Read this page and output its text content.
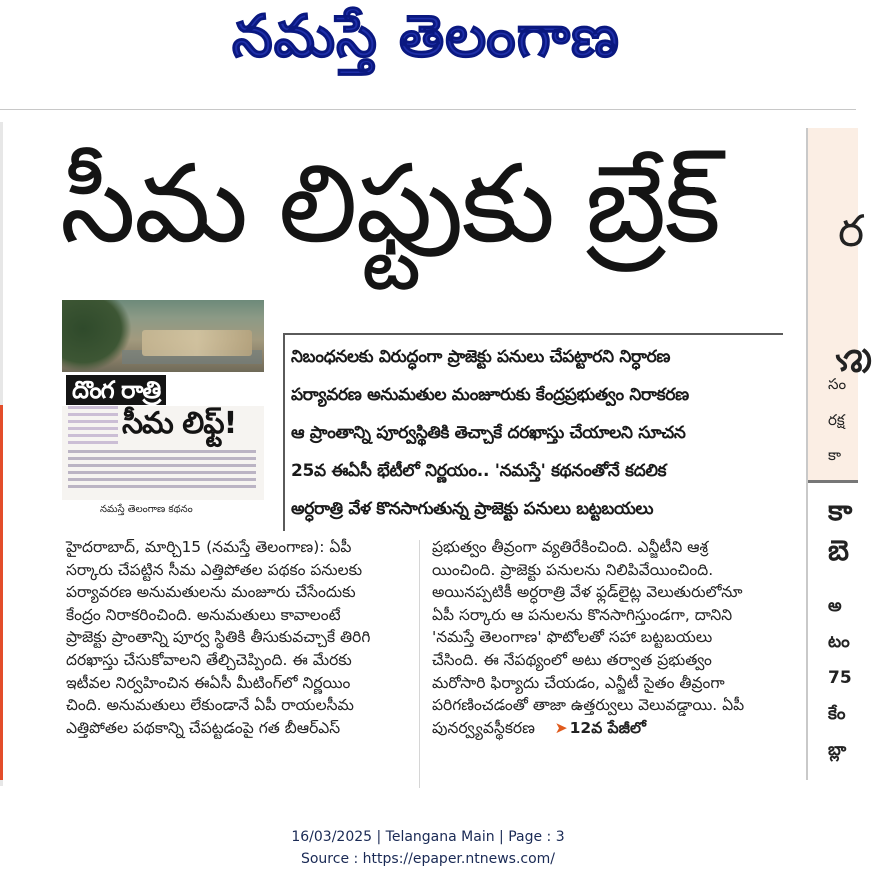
నమస్తే తెలంగాణ
సీమ లిఫ్టుకు బ్రేక్
దొంగ రాత్రి
సీమ లిఫ్ట్!
నమస్తే తెలంగాణ కథనం
నిబంధనలకు విరుద్ధంగా ప్రాజెక్టు పనులు చేపట్టారని నిర్ధారణ
పర్యావరణ అనుమతుల మంజూరుకు కేంద్రప్రభుత్వం నిరాకరణ
ఆ ప్రాంతాన్ని పూర్వస్థితికి తెచ్చాకే దరఖాస్తు చేయాలని సూచన
25వ ఈఏసీ భేటీలో నిర్ణయం.. 'నమస్తే' కథనంతోనే కదలిక
అర్ధరాత్రి వేళ కొనసాగుతున్న ప్రాజెక్టు పనులు బట్టబయలు
హైదరాబాద్, మార్చి15 (నమస్తే తెలంగాణ): ఏపీ
సర్కారు చేపట్టిన సీమ ఎత్తిపోతల పథకం పనులకు
పర్యావరణ అనుమతులను మంజూరు చేసేందుకు
కేంద్రం నిరాకరించింది. అనుమతులు కావాలంటే
ప్రాజెక్టు ప్రాంతాన్ని పూర్వ స్థితికి తీసుకువచ్చాకే తిరిగి
దరఖాస్తు చేసుకోవాలని తేల్చిచెప్పింది. ఈ మేరకు
ఇటీవల నిర్వహించిన ఈఏసీ మీటింగ్‌లో నిర్ణయిం
చింది. అనుమతులు లేకుండానే ఏపీ రాయలసీమ
ఎత్తిపోతల పథకాన్ని చేపట్టడంపై గత బీఆర్‌ఎస్
ప్రభుత్వం తీవ్రంగా వ్యతిరేకించింది. ఎన్జీటీని ఆశ్ర
యించింది. ప్రాజెక్టు పనులను నిలిపివేయించింది.
అయినప్పటికీ అర్ధరాత్రి వేళ ఫ్లడ్‌లైట్ల వెలుతురులోనూ
ఏపీ సర్కారు ఆ పనులను కొనసాగిస్తుండగా, దానిని
'నమస్తే తెలంగాణ' ఫొటోలతో సహా బట్టబయలు
చేసింది. ఈ నేపథ్యంలో అటు తర్వాత ప్రభుత్వం
మరోసారి ఫిర్యాదు చేయడం, ఎన్జీటీ సైతం తీవ్రంగా
పరిగణించడంతో తాజా ఉత్తర్వులు వెలువడ్డాయి. ఏపీ
పునర్వ్యవస్థీకరణ ➤ 12వ పేజీలో
ర
ప్ర
సం
రక్ష
కా
కా
బె
అ
టం
75
కేం
బ్లా
16/03/2025 | Telangana Main | Page : 3
Source : https://epaper.ntnews.com/
